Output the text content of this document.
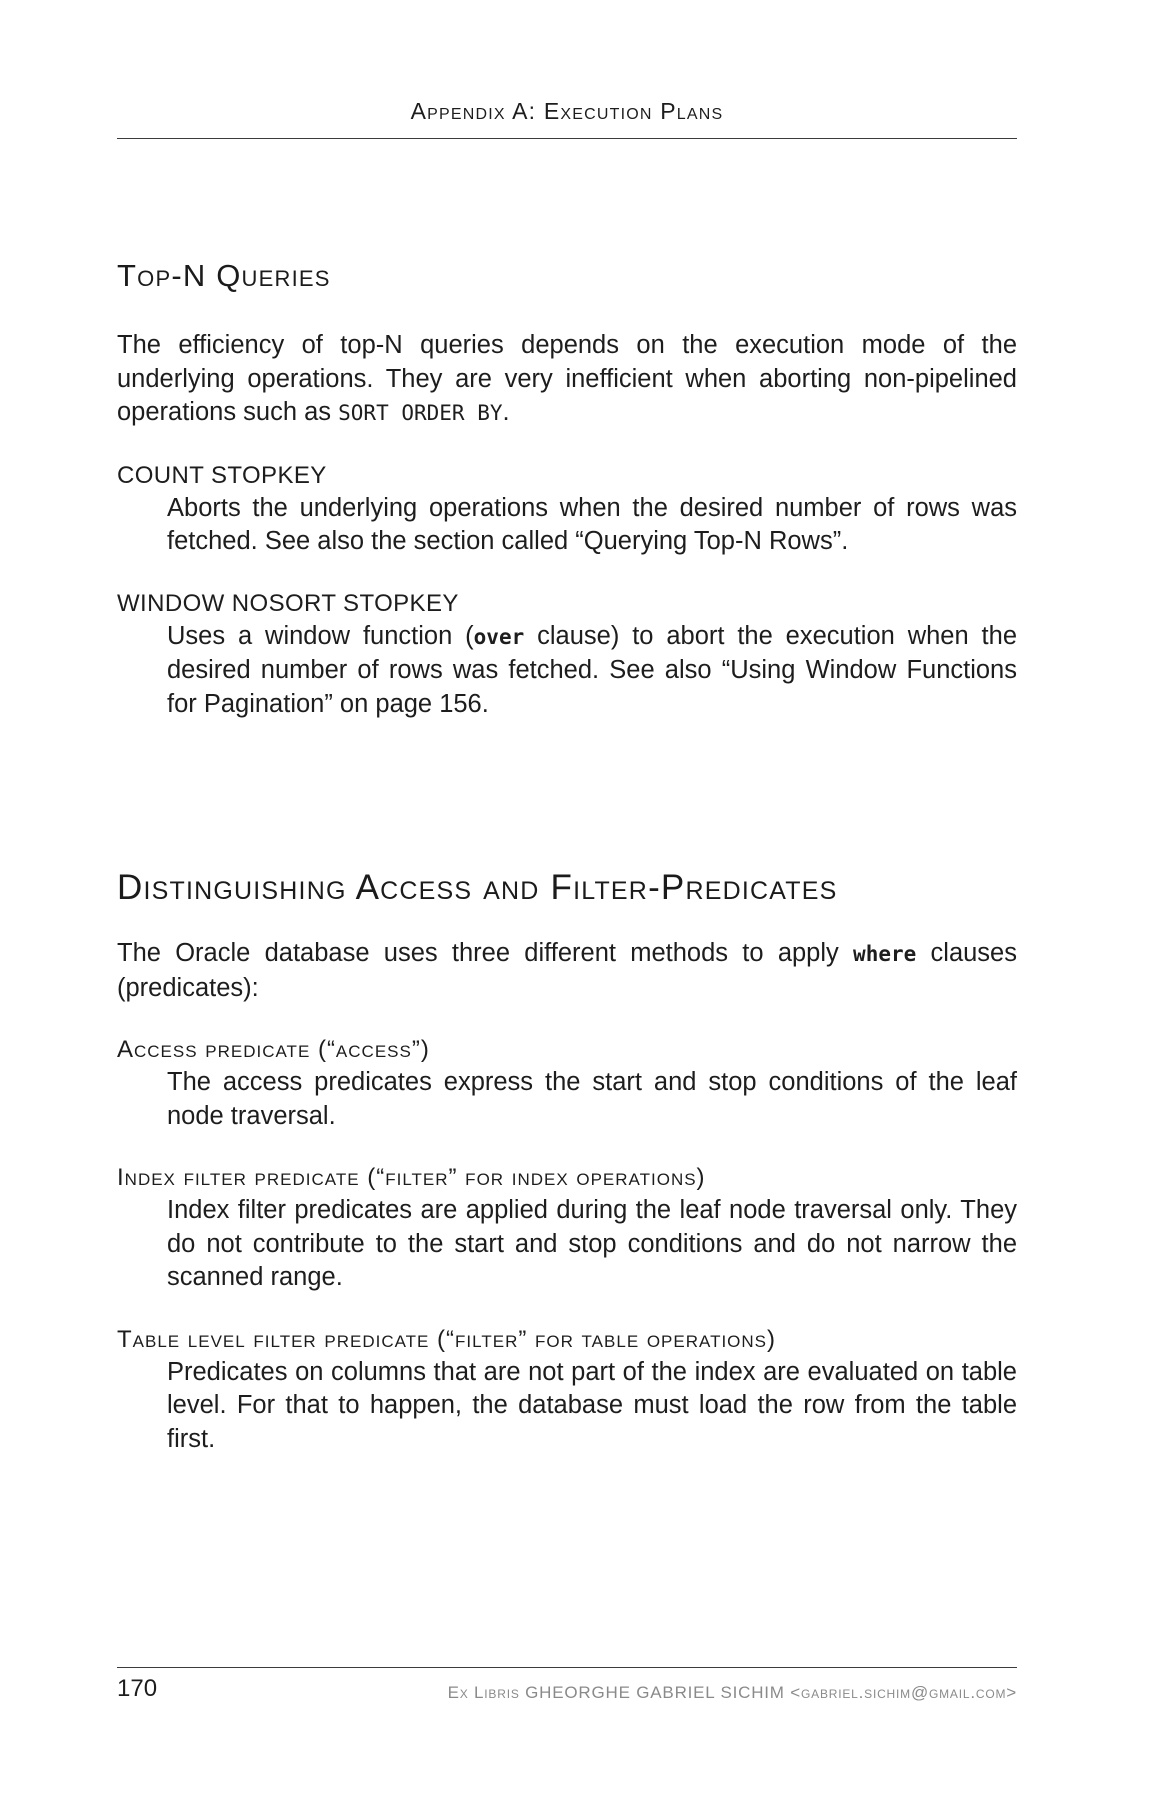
Appendix A: Execution Plans
Top-N Queries

The efficiency of top-N queries depends on the execution mode of the underlying operations. They are very inefficient when aborting non-pipelined operations such as SORT ORDER BY.

COUNT STOPKEY

Aborts the underlying operations when the desired number of rows was fetched. See also the section called “Querying Top-N Rows”.

WINDOW NOSORT STOPKEY

Uses a window function (over clause) to abort the execution when the desired number of rows was fetched. See also “Using Window Functions for Pagination” on page 156.

Distinguishing Access and Filter-Predicates

The Oracle database uses three different methods to apply where clauses (predicates):

Access predicate (“access”)

The access predicates express the start and stop conditions of the leaf node traversal.

Index filter predicate (“filter” for index operations)

Index filter predicates are applied during the leaf node traversal only. They do not contribute to the start and stop conditions and do not narrow the scanned range.

Table level filter predicate (“filter” for table operations)

Predicates on columns that are not part of the index are evaluated on table level. For that to happen, the database must load the row from the table first.

170	Ex Libris GHEORGHE GABRIEL SICHIM <gabriel.sichim@gmail.com>
